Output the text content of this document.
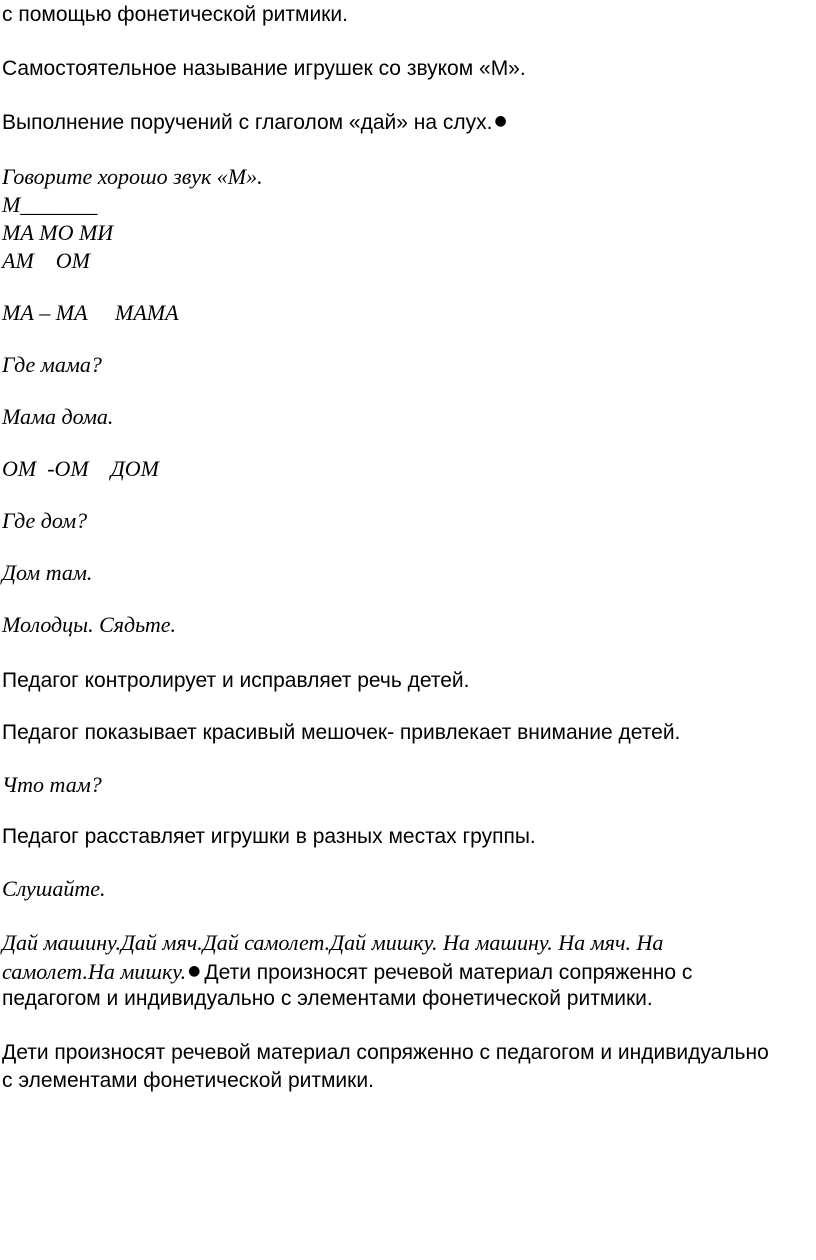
с помощью фонетической ритмики.

Самостоятельное называние игрушек со звуком «М».

Выполнение поручений с глаголом «дай» на слух. ●

Говорите хорошо звук «М».

М_______

МА МО МИ

АМ    ОМ

МА – МА     МАМА

Где мама?

Мама дома.

ОМ  -ОМ    ДОМ

Где дом?

Дом там.

Молодцы. Сядьте.

Педагог контролирует и исправляет речь детей.

Педагог показывает красивый мешочек- привлекает внимание детей.

Что там?

Педагог расставляет игрушки в разных местах группы.

Слушайте.

Дай машину.Дай мяч.Дай самолет.Дай мишку. На машину. На мяч. На

самолет.На мишку. ● Дети произносят речевой материал сопряженно с

педагогом и индивидуально с элементами фонетической ритмики.

Дети произносят речевой материал сопряженно с педагогом и индивидуально

с элементами фонетической ритмики.
